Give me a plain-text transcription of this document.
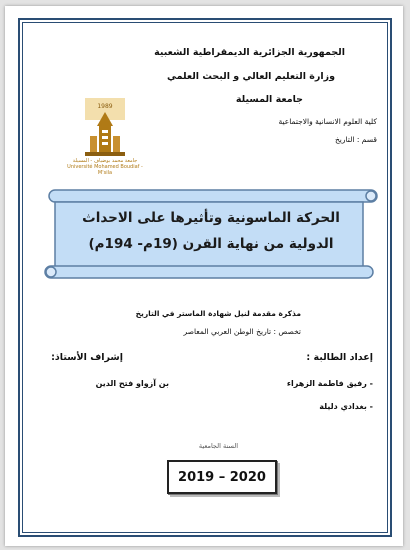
الجمهورية الجزائرية الديمقراطية الشعبية
وزارة التعليم العالي و البحث العلمي
جامعة المسيلة
كلية العلوم الانسانية والاجتماعية
قسم : التاريخ
1989
جامعة محمد بوضياف - المسيلة
Université Mohamed Boudiaf - M'sila
الحركة الماسونية وتأثيرها على الاحداث
الدولية من نهاية القرن (19م- 194م)
مذكرة مقدمة لنيل شهادة الماستر في التاريخ
تخصص : تاريخ الوطن العربي المعاصر
إعداد الطالبة :
- رفيق فاطمة الزهراء
- بغدادي دليلة
إشراف الأستاذ:
بن آزواو فتح الدين
السنة الجامعية
2019 – 2020
